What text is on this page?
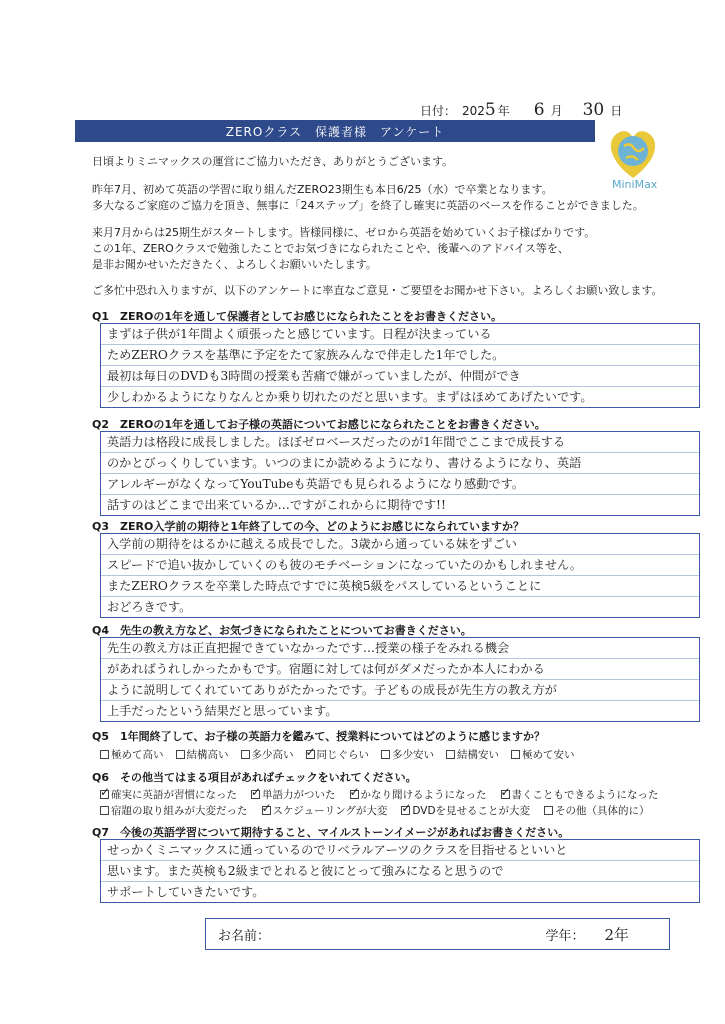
日付： 202 5 年 6 月 30 日
ZEROクラス　保護者様　アンケート
MiniMax
日頃よりミニマックスの運営にご協力いただき、ありがとうございます。
昨年7月、初めて英語の学習に取り組んだZERO23期生も本日6/25（水）で卒業となります。
多大なるご家庭のご協力を頂き、無事に「24ステップ」を終了し確実に英語のベースを作ることができました。
来月7月からは25期生がスタートします。皆様同様に、ゼロから英語を始めていくお子様ばかりです。
この1年、ZEROクラスで勉強したことでお気づきになられたことや、後輩へのアドバイス等を、
是非お聞かせいただきたく、よろしくお願いいたします。
ご多忙中恐れ入りますが、以下のアンケートに率直なご意見・ご要望をお聞かせ下さい。よろしくお願い致します。
Q1　ZEROの1年を通して保護者としてお感じになられたことをお書きください。
まずは子供が1年間よく頑張ったと感じています。日程が決まっている
ためZEROクラスを基準に予定をたて家族みんなで伴走した1年でした。
最初は毎日のDVDも3時間の授業も苦痛で嫌がっていましたが、仲間ができ
少しわかるようになりなんとか乗り切れたのだと思います。まずはほめてあげたいです。
Q2　ZEROの1年を通してお子様の英語についてお感じになられたことをお書きください。
英語力は格段に成長しました。ほぼゼロベースだったのが1年間でここまで成長する
のかとびっくりしています。いつのまにか読めるようになり、書けるようになり、英語
アレルギーがなくなってYouTubeも英語でも見られるようになり感動です。
話すのはどこまで出来ているか…ですがこれからに期待です!!
Q3　ZERO入学前の期待と1年終了しての今、どのようにお感じになられていますか？
入学前の期待をはるかに越える成長でした。3歳から通っている妹をずごい
スピードで追い抜かしていくのも彼のモチベーションになっていたのかもしれません。
またZEROクラスを卒業した時点ですでに英検5級をパスしているということに
おどろきです。
Q4　先生の教え方など、お気づきになられたことについてお書きください。
先生の教え方は正直把握できていなかったです…授業の様子をみれる機会
があればうれしかったかもです。宿題に対しては何がダメだったか本人にわかる
ように説明してくれていてありがたかったです。子どもの成長が先生方の教え方が
上手だったという結果だと思っています。
Q5　1年間終了して、お子様の英語力を鑑みて、授業料についてはどのように感じますか？
極めて高い 結構高い 多少高い ✓ 同じぐらい 多少安い 結構安い 極めて安い
Q6　その他当てはまる項目があればチェックをいれてください。
✓
確実に英語が習慣になった ✓ 単語力がついた ✓ かなり聞けるようになった ✓ 書くこともできるようになった
宿題の取り組みが大変だった ✓ スケジューリングが大変 ✓ DVDを見せることが大変 その他（具体的に）
Q7　今後の英語学習について期待すること、マイルストーンイメージがあればお書きください。
せっかくミニマックスに通っているのでリベラルアーツのクラスを目指せるといいと
思います。また英検も2級までとれると彼にとって強みになると思うので
サポートしていきたいです。
お名前：	学年： 2年
